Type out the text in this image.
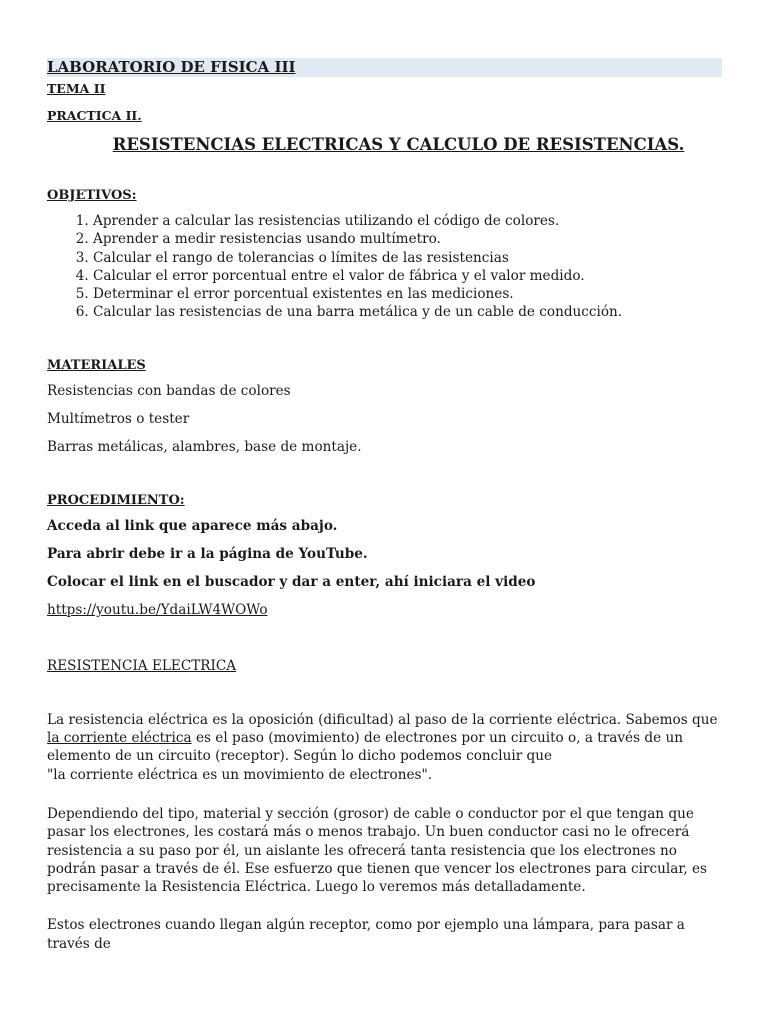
LABORATORIO DE FISICA III
TEMA II
PRACTICA II.
RESISTENCIAS ELECTRICAS Y CALCULO DE RESISTENCIAS.
OBJETIVOS:
1. Aprender a calcular las resistencias utilizando el código de colores.
2. Aprender a medir resistencias usando multímetro.
3. Calcular el rango de tolerancias o límites de las resistencias
4. Calcular el error porcentual entre el valor de fábrica y el valor medido.
5. Determinar el error porcentual existentes en las mediciones.
6. Calcular las resistencias de una barra metálica y de un cable de conducción.
MATERIALES

Resistencias con bandas de colores

Multímetros o tester

Barras metálicas, alambres, base de montaje.

PROCEDIMIENTO:

Acceda al link que aparece más abajo.

Para abrir debe ir a la página de YouTube.

Colocar el link en el buscador y dar a enter, ahí iniciara el video

https://youtu.be/YdaiLW4WOWo

RESISTENCIA ELECTRICA

La resistencia eléctrica es la oposición (dificultad) al paso de la corriente eléctrica. Sabemos que la corriente eléctrica es el paso (movimiento) de electrones por un circuito o, a través de un elemento de un circuito (receptor). Según lo dicho podemos concluir que
"la corriente eléctrica es un movimiento de electrones".

Dependiendo del tipo, material y sección (grosor) de cable o conductor por el que tengan que pasar los electrones, les costará más o menos trabajo. Un buen conductor casi no le ofrecerá resistencia a su paso por él, un aislante les ofrecerá tanta resistencia que los electrones no podrán pasar a través de él. Ese esfuerzo que tienen que vencer los electrones para circular, es precisamente la Resistencia Eléctrica. Luego lo veremos más detalladamente.

Estos electrones cuando llegan algún receptor, como por ejemplo una lámpara, para pasar a través de
